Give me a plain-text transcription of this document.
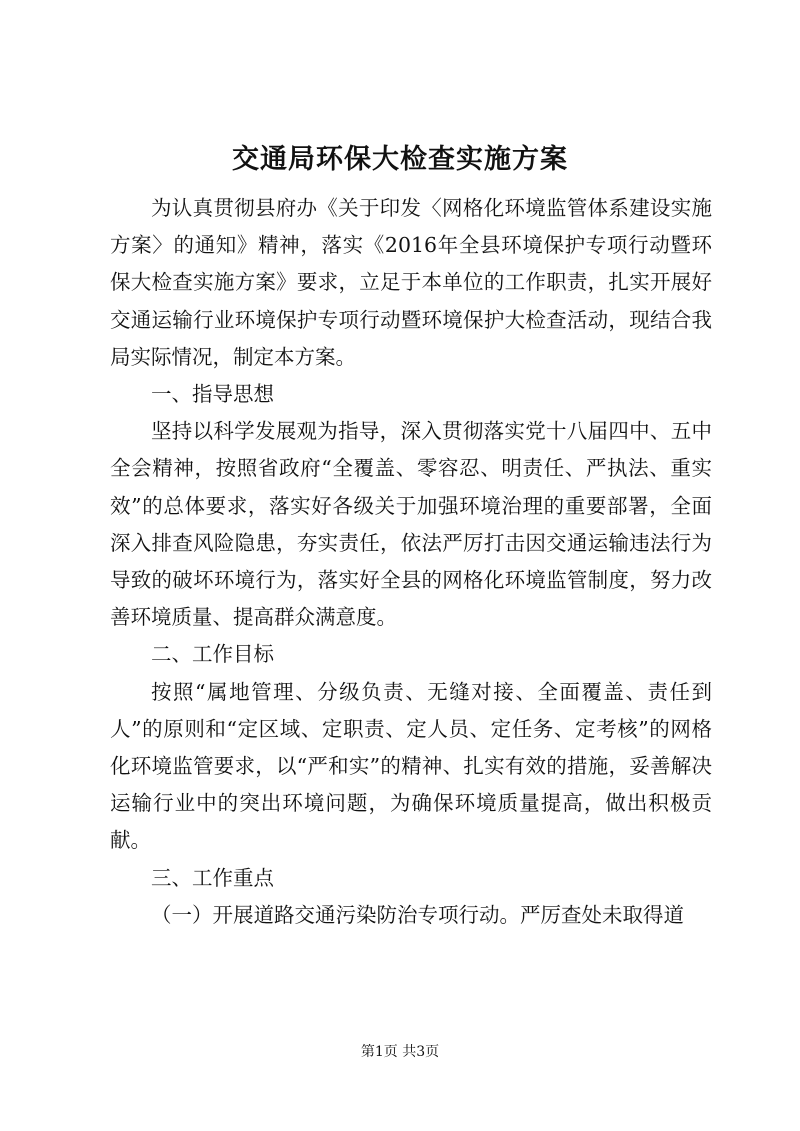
交通局环保大检查实施方案

为认真贯彻县府办《关于印发〈网格化环境监管体系建设实施方案〉的通知》精神，落实《2016年全县环境保护专项行动暨环保大检查实施方案》要求，立足于本单位的工作职责，扎实开展好交通运输行业环境保护专项行动暨环境保护大检查活动，现结合我局实际情况，制定本方案。

一、指导思想

坚持以科学发展观为指导，深入贯彻落实党十八届四中、五中全会精神，按照省政府“全覆盖、零容忍、明责任、严执法、重实效”的总体要求，落实好各级关于加强环境治理的重要部署，全面深入排查风险隐患，夯实责任，依法严厉打击因交通运输违法行为导致的破坏环境行为，落实好全县的网格化环境监管制度，努力改善环境质量、提高群众满意度。

二、工作目标

按照“属地管理、分级负责、无缝对接、全面覆盖、责任到人”的原则和“定区域、定职责、定人员、定任务、定考核”的网格化环境监管要求，以“严和实”的精神、扎实有效的措施，妥善解决运输行业中的突出环境问题，为确保环境质量提高，做出积极贡献。

三、工作重点

（一）开展道路交通污染防治专项行动。严厉查处未取得道

第1页 共3页
